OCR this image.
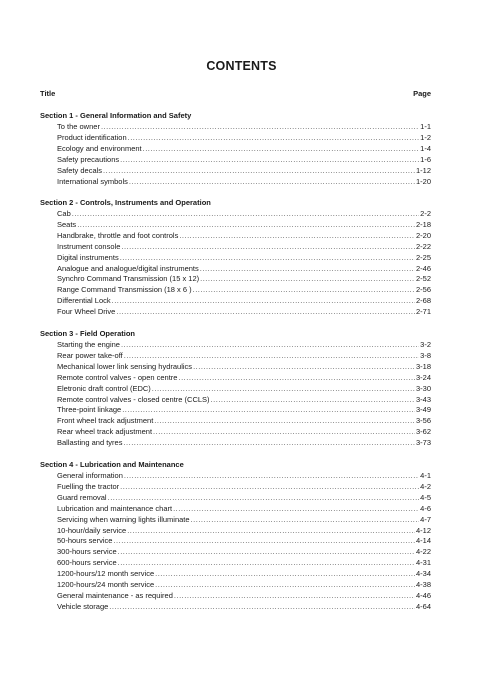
CONTENTS
Title	Page
Section 1 - General Information and Safety
To the owner .....	1-1
Product identification .....	1-2
Ecology and environment .....	1-4
Safety precautions .....	1-6
Safety decals .....	1-12
International symbols .....	1-20
Section 2 - Controls, Instruments and Operation
Cab .....	2-2
Seats .....	2-18
Handbrake, throttle and foot controls .....	2-20
Instrument console .....	2-22
Digital instruments .....	2-25
Analogue and analogue/digital instruments .....	2-46
Synchro Command Transmission (15 x 12) .....	2-52
Range Command Transmission (18 x 6 ) .....	2-56
Differential Lock .....	2-68
Four Wheel Drive .....	2-71
Section 3 - Field Operation
Starting the engine .....	3-2
Rear power take-off .....	3-8
Mechanical lower link sensing hydraulics .....	3-18
Remote control valves - open centre .....	3-24
Eletronic draft control (EDC) .....	3-30
Remote control valves - closed centre (CCLS) .....	3-43
Three-point linkage .....	3-49
Front wheel track adjustment .....	3-56
Rear wheel track adjustment .....	3-62
Ballasting and tyres .....	3-73
Section 4 - Lubrication and Maintenance
General information .....	4-1
Fuelling the tractor .....	4-2
Guard removal .....	4-5
Lubrication and maintenance chart .....	4-6
Servicing when warning lights illuminate .....	4-7
10-hour/daily service .....	4-12
50-hours service .....	4-14
300-hours service .....	4-22
600-hours service .....	4-31
1200-hours/12 month service .....	4-34
1200-hours/24 month service .....	4-38
General maintenance - as required .....	4-46
Vehicle storage .....	4-64
